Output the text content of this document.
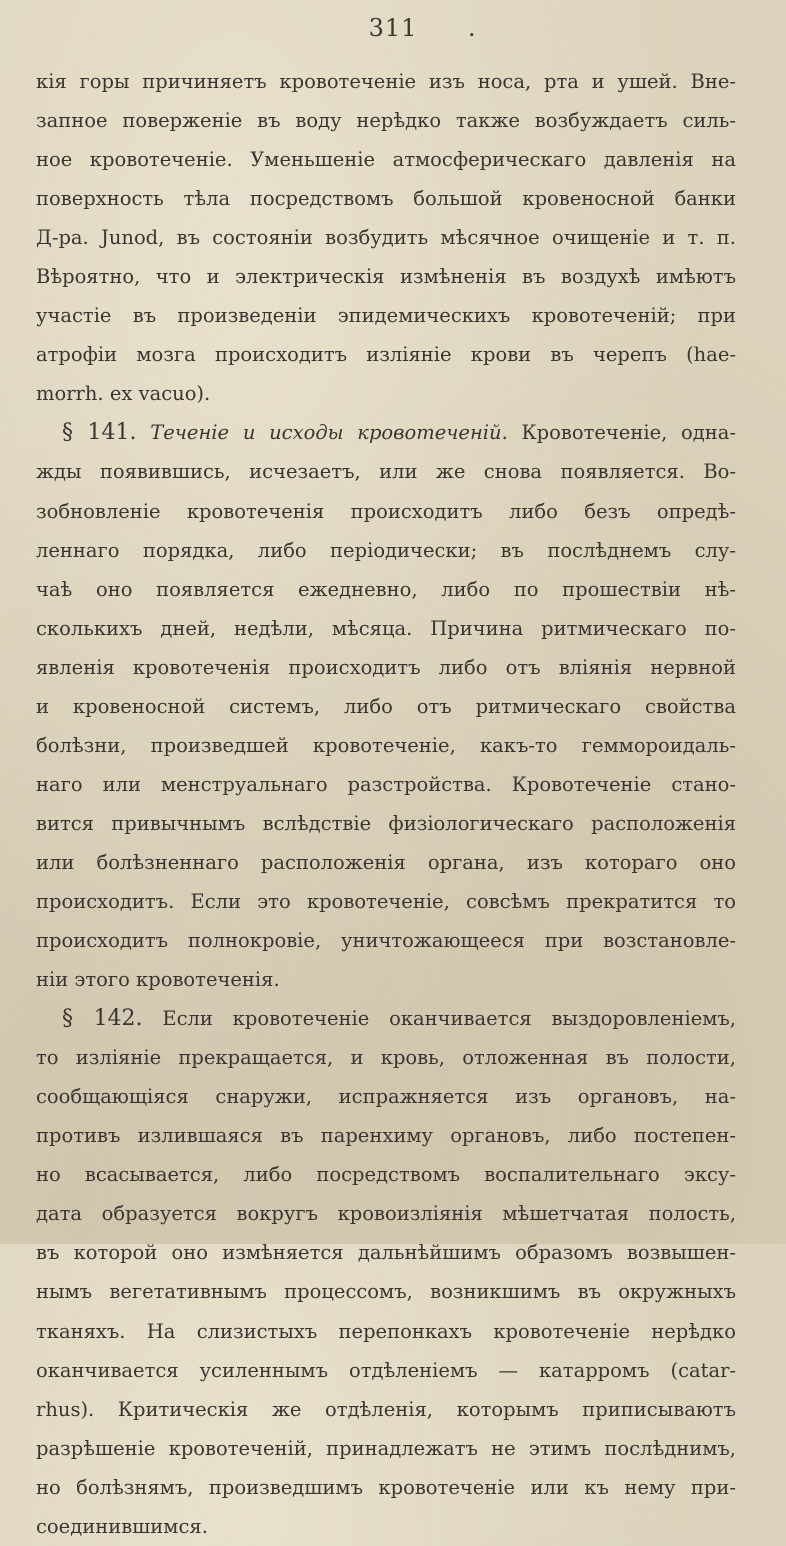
311	.
кія горы причиняетъ кровотеченіе изъ носа, рта и ушей. Вне-
запное поверженіе въ воду нерѣдко также возбуждаетъ силь-
ное кровотеченіе. Уменьшеніе атмосферическаго давленія на
поверхность тѣла посредствомъ большой кровеносной банки
Д-ра. Junod, въ состояніи возбудить мѣсячное очищеніе и т. п.
Вѣроятно, что и электрическія измѣненія въ воздухѣ имѣютъ
участіе въ произведеніи эпидемическихъ кровотеченій; при
атрофіи мозга происходитъ изліяніе крови въ черепъ (hae-
morrh. ex vacuo).
§ 141. Теченіе и исходы кровотеченій. Кровотеченіе, одна-
жды появившись, исчезаетъ, или же снова появляется. Во-
зобновленіе кровотеченія происходитъ либо безъ опредѣ-
леннаго порядка, либо періодически; въ послѣднемъ слу-
чаѣ оно появляется ежедневно, либо по прошествіи нѣ-
сколькихъ дней, недѣли, мѣсяца. Причина ритмическаго по-
явленія кровотеченія происходитъ либо отъ вліянія нервной
и кровеносной системъ, либо отъ ритмическаго свойства
болѣзни, произведшей кровотеченіе, какъ-то геммороидаль-
наго или менструальнаго разстройства. Кровотеченіе стано-
вится привычнымъ вслѣдствіе физіологическаго расположенія
или болѣзненнаго расположенія органа, изъ котораго оно
происходитъ. Если это кровотеченіе, совсѣмъ прекратится то
происходитъ полнокровіе, уничтожающееся при возстановле-
ніи этого кровотеченія.
§ 142. Если кровотеченіе оканчивается выздоровленіемъ,
то изліяніе прекращается, и кровь, отложенная въ полости,
сообщающіяся снаружи, испражняется изъ органовъ, на-
противъ излившаяся въ паренхиму органовъ, либо постепен-
но всасывается, либо посредствомъ воспалительнаго эксу-
дата образуется вокругъ кровоизліянія мѣшетчатая полость,
въ которой оно измѣняется дальнѣйшимъ образомъ возвышен-
нымъ вегетативнымъ процессомъ, возникшимъ въ окружныхъ
тканяхъ. На слизистыхъ перепонкахъ кровотеченіе нерѣдко
оканчивается усиленнымъ отдѣленіемъ — катарромъ (catar-
rhus). Критическія же отдѣленія, которымъ приписываютъ
разрѣшеніе кровотеченій, принадлежатъ не этимъ послѣднимъ,
но болѣзнямъ, произведшимъ кровотеченіе или къ нему при-
соединившимся.
